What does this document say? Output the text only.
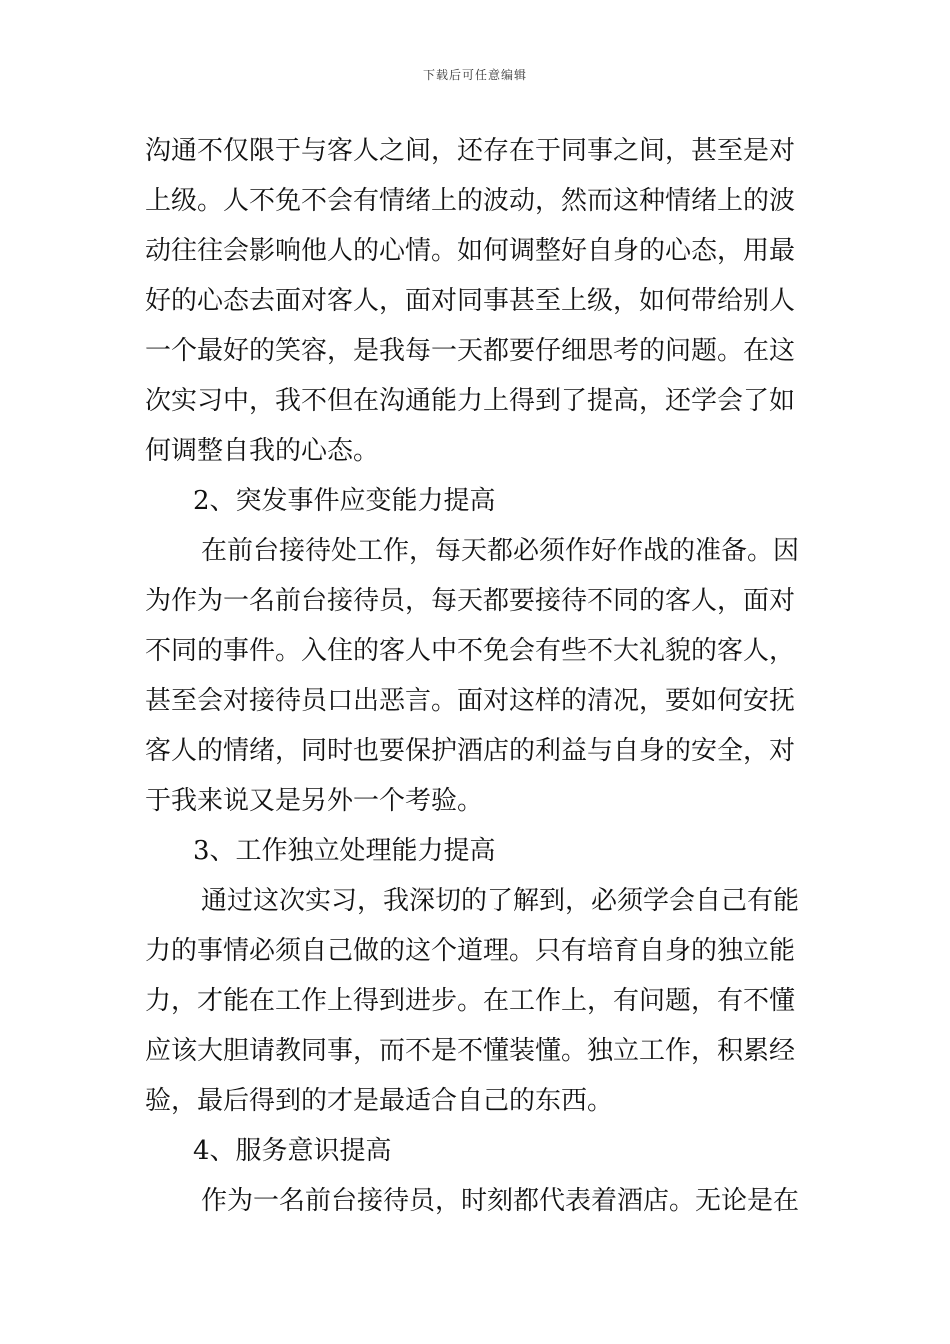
下载后可任意编辑
沟通不仅限于与客人之间，还存在于同事之间，甚至是对
上级。人不免不会有情绪上的波动，然而这种情绪上的波
动往往会影响他人的心情。如何调整好自身的心态，用最
好的心态去面对客人，面对同事甚至上级，如何带给别人
一个最好的笑容，是我每一天都要仔细思考的问题。在这
次实习中，我不但在沟通能力上得到了提高，还学会了如
何调整自我的心态。
2、突发事件应变能力提高
在前台接待处工作，每天都必须作好作战的准备。因
为作为一名前台接待员，每天都要接待不同的客人，面对
不同的事件。入住的客人中不免会有些不大礼貌的客人，
甚至会对接待员口出恶言。面对这样的清况，要如何安抚
客人的情绪，同时也要保护酒店的利益与自身的安全，对
于我来说又是另外一个考验。
3、工作独立处理能力提高
通过这次实习，我深切的了解到，必须学会自己有能
力的事情必须自己做的这个道理。只有培育自身的独立能
力，才能在工作上得到进步。在工作上，有问题，有不懂
应该大胆请教同事，而不是不懂装懂。独立工作，积累经
验，最后得到的才是最适合自己的东西。
4、服务意识提高
作为一名前台接待员，时刻都代表着酒店。无论是在
